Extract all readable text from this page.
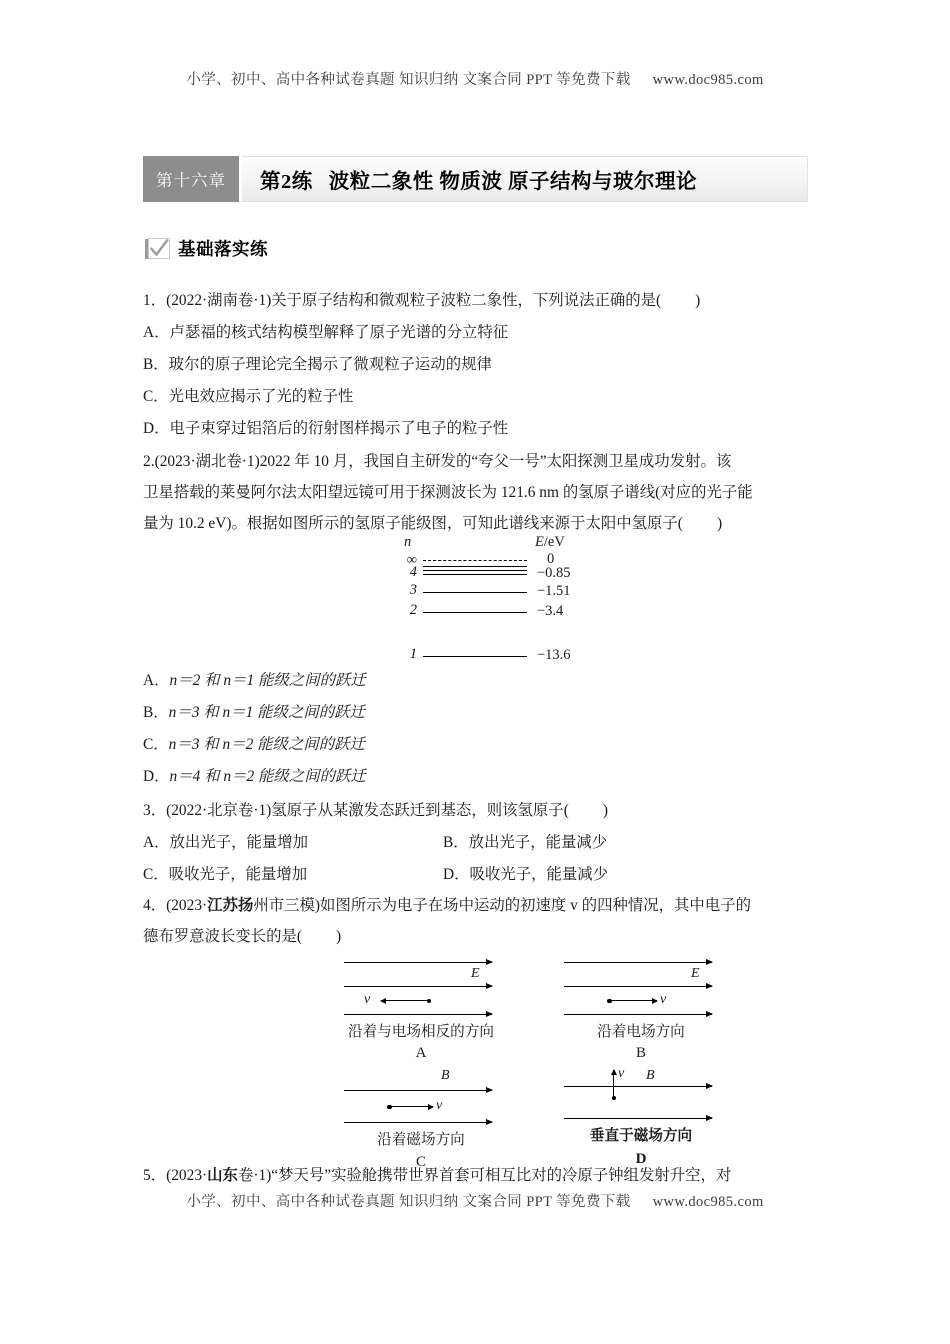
小学、初中、高中各种试卷真题 知识归纳 文案合同 PPT 等免费下载 www.doc985.com
第十六章	第2练 波粒二象性 物质波 原子结构与玻尔理论
基础落实练
1．(2022·湖南卷·1)关于原子结构和微观粒子波粒二象性，下列说法正确的是( )
A．卢瑟福的核式结构模型解释了原子光谱的分立特征
B．玻尔的原子理论完全揭示了微观粒子运动的规律
C．光电效应揭示了光的粒子性
D．电子束穿过铝箔后的衍射图样揭示了电子的粒子性
2.(2023·湖北卷·1)2022 年 10 月，我国自主研发的“夸父一号”太阳探测卫星成功发射。该
卫星搭载的莱曼阿尔法太阳望远镜可用于探测波长为 121.6 nm 的氢原子谱线(对应的光子能
量为 10.2 eV)。根据如图所示的氢原子能级图，可知此谱线来源于太阳中氢原子( )
n	E/eV
∞	0
4	−0.85
3	−1.51
2	−3.4
1	−13.6
A．n＝2 和 n＝1 能级之间的跃迁
B．n＝3 和 n＝1 能级之间的跃迁
C．n＝3 和 n＝2 能级之间的跃迁
D．n＝4 和 n＝2 能级之间的跃迁
3．(2022·北京卷·1)氢原子从某激发态跃迁到基态，则该氢原子( )
A．放出光子，能量增加	B．放出光子，能量减少
C．吸收光子，能量增加	D．吸收光子，能量减少
4．(2023·江苏扬州市三模)如图所示为电子在场中运动的初速度 v 的四种情况，其中电子的
德布罗意波长变长的是( )
E
v
沿着与电场相反的方向
A
E
v
沿着电场方向
B
B
v
沿着磁场方向
C
v B
垂直于磁场方向
D
5．(2023·山东卷·1)“梦天号”实验舱携带世界首套可相互比对的冷原子钟组发射升空，对
小学、初中、高中各种试卷真题 知识归纳 文案合同 PPT 等免费下载 www.doc985.com
